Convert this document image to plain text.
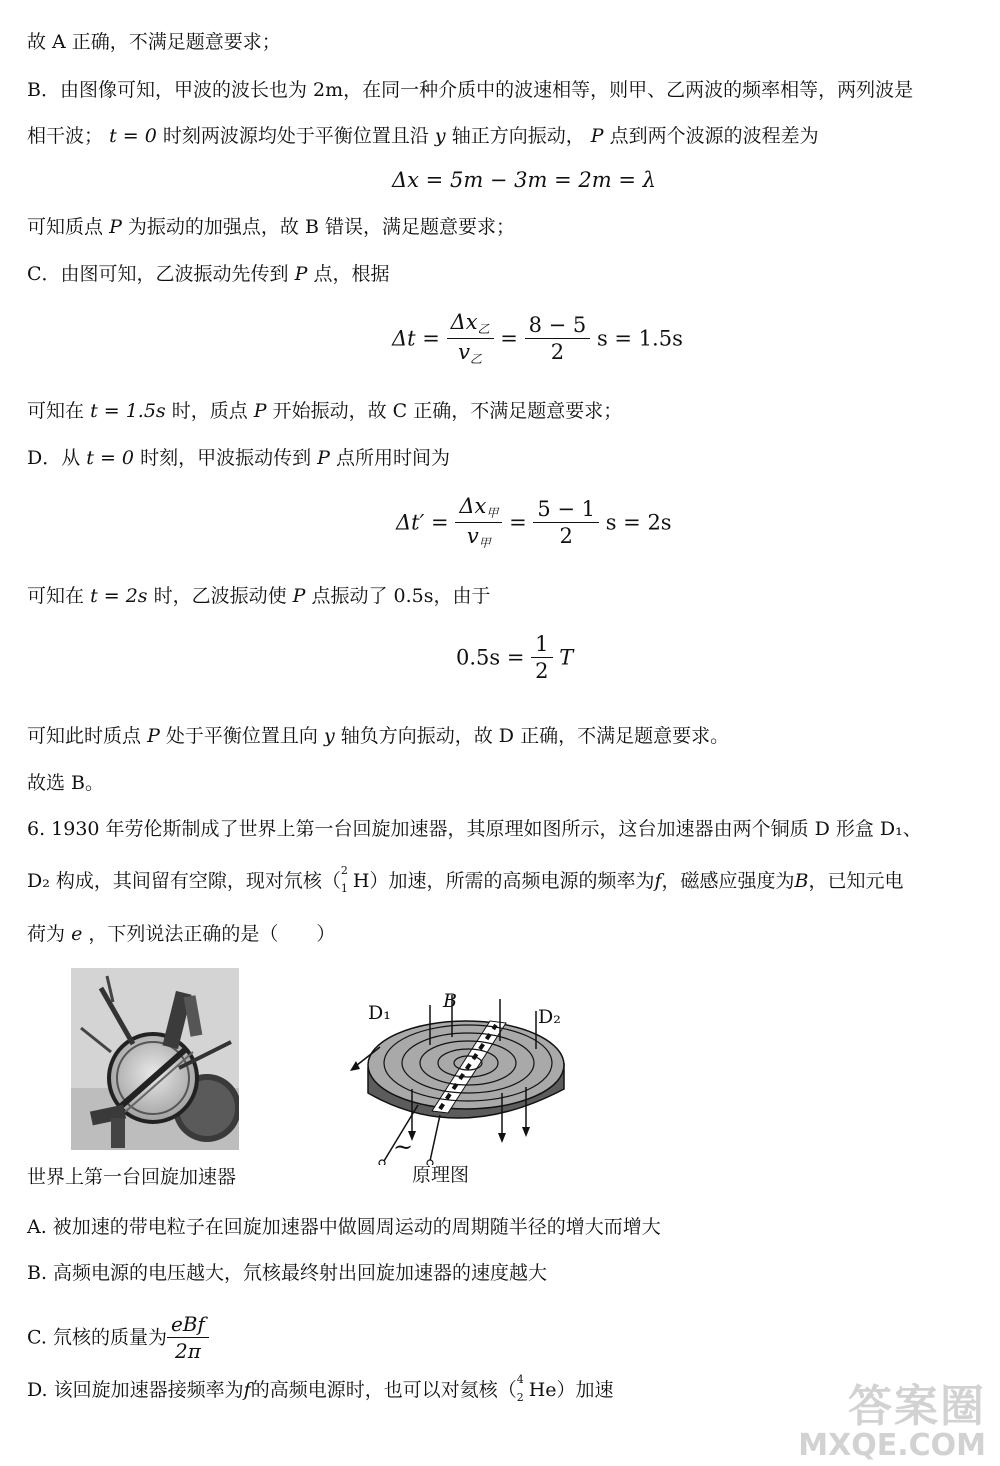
故 A 正确，不满足题意要求；
B．由图像可知，甲波的波长也为 2m，在同一种介质中的波速相等，则甲、乙两波的频率相等，两列波是
相干波； t = 0 时刻两波源均处于平衡位置且沿 y 轴正方向振动， P 点到两个波源的波程差为
Δx = 5m − 3m = 2m = λ
可知质点 P 为振动的加强点，故 B 错误，满足题意要求；
C．由图可知，乙波振动先传到 P 点，根据
$\Delta t = \frac{\Delta x_乙}{v_乙} = \frac{8 - 5}{2}$ s = 1.5s
可知在 t = 1.5s 时，质点 P 开始振动，故 C 正确，不满足题意要求；
D．从 t = 0 时刻，甲波振动传到 P 点所用时间为
$\Delta t' = \frac{\Delta x_甲}{v_甲} = \frac{5 - 1}{2}$ s = 2s
可知在 t = 2s 时，乙波振动使 P 点振动了 0.5s，由于
$0.5s = \frac{1}{2}$ T
可知此时质点 P 处于平衡位置且向 y 轴负方向振动，故 D 正确，不满足题意要求。
故选 B。
6. 1930 年劳伦斯制成了世界上第一台回旋加速器，其原理如图所示，这台加速器由两个铜质 D 形盒 D₁、
D₂ 构成，其间留有空隙，现对氘核（ 2
1 H）加速，所需的高频电源的频率为f，磁感应强度为B，已知元电
荷为 e ，下列说法正确的是（　　）
世界上第一台回旋加速器
D₁
B
D₂
~
原理图
A. 被加速的带电粒子在回旋加速器中做圆周运动的周期随半径的增大而增大
B. 高频电源的电压越大，氘核最终射出回旋加速器的速度越大
C. 氘核的质量为 $\frac{\text{eBf}}{2\pi}$
D. 该回旋加速器接频率为f的高频电源时，也可以对氦核（ 4
2 He）加速	答案圈
MXQE.COM
